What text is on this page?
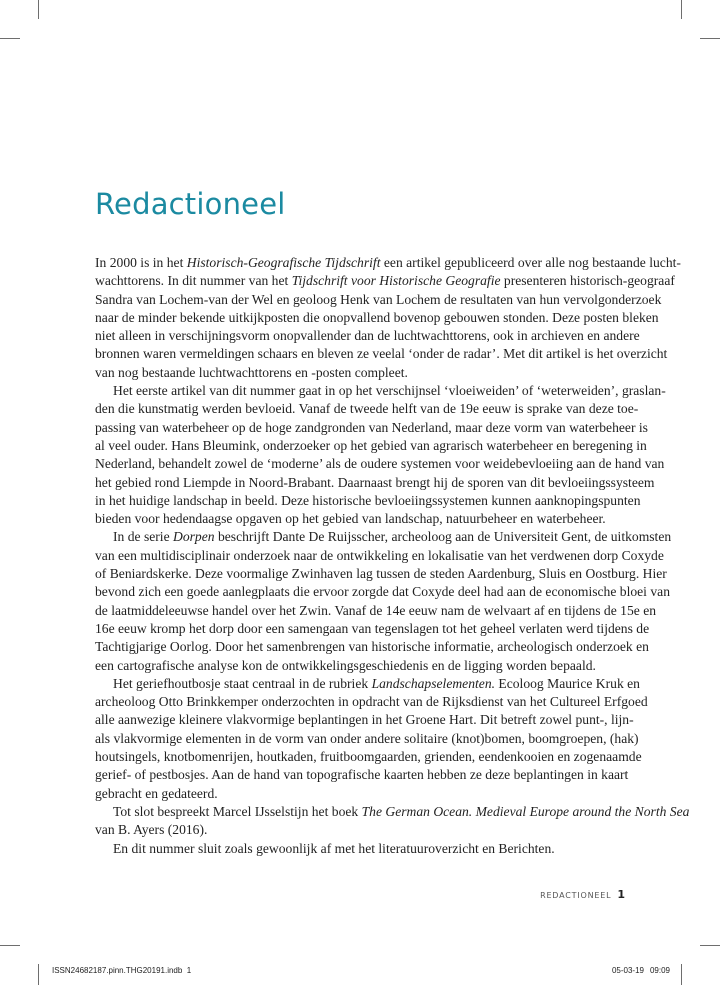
Redactioneel
In 2000 is in het Historisch-Geografische Tijdschrift een artikel gepubliceerd over alle nog bestaande lucht-
wachttorens. In dit nummer van het Tijdschrift voor Historische Geografie presenteren historisch-geograaf
Sandra van Lochem-van der Wel en geoloog Henk van Lochem de resultaten van hun vervolgonderzoek
naar de minder bekende uitkijkposten die onopvallend bovenop gebouwen stonden. Deze posten bleken
niet alleen in verschijningsvorm onopvallender dan de luchtwachttorens, ook in archieven en andere
bronnen waren vermeldingen schaars en bleven ze veelal ‘onder de radar’. Met dit artikel is het overzicht
van nog bestaande luchtwachttorens en -posten compleet.
Het eerste artikel van dit nummer gaat in op het verschijnsel ‘vloeiweiden’ of ‘weterweiden’, graslan-
den die kunstmatig werden bevloeid. Vanaf de tweede helft van de 19e eeuw is sprake van deze toe-
passing van waterbeheer op de hoge zandgronden van Nederland, maar deze vorm van waterbeheer is
al veel ouder. Hans Bleumink, onderzoeker op het gebied van agrarisch waterbeheer en beregening in
Nederland, behandelt zowel de ‘moderne’ als de oudere systemen voor weidebevloeiing aan de hand van
het gebied rond Liempde in Noord-Brabant. Daarnaast brengt hij de sporen van dit bevloeiingssysteem
in het huidige landschap in beeld. Deze historische bevloeiingssystemen kunnen aanknopingspunten
bieden voor hedendaagse opgaven op het gebied van landschap, natuurbeheer en waterbeheer.
In de serie Dorpen beschrijft Dante De Ruijsscher, archeoloog aan de Universiteit Gent, de uitkomsten
van een multidisciplinair onderzoek naar de ontwikkeling en lokalisatie van het verdwenen dorp Coxyde
of Beniardskerke. Deze voormalige Zwinhaven lag tussen de steden Aardenburg, Sluis en Oostburg. Hier
bevond zich een goede aanlegplaats die ervoor zorgde dat Coxyde deel had aan de economische bloei van
de laatmiddeleeuwse handel over het Zwin. Vanaf de 14e eeuw nam de welvaart af en tijdens de 15e en
16e eeuw kromp het dorp door een samengaan van tegenslagen tot het geheel verlaten werd tijdens de
Tachtigjarige Oorlog. Door het samenbrengen van historische informatie, archeologisch onderzoek en
een cartografische analyse kon de ontwikkelingsgeschiedenis en de ligging worden bepaald.
Het geriefhoutbosje staat centraal in de rubriek Landschapselementen. Ecoloog Maurice Kruk en
archeoloog Otto Brinkkemper onderzochten in opdracht van de Rijksdienst van het Cultureel Erfgoed
alle aanwezige kleinere vlakvormige beplantingen in het Groene Hart. Dit betreft zowel punt-, lijn-
als vlakvormige elementen in de vorm van onder andere solitaire (knot)bomen, boomgroepen, (hak)
houtsingels, knotbomenrijen, houtkaden, fruitboomgaarden, grienden, eendenkooien en zogenaamde
gerief- of pestbosjes. Aan de hand van topografische kaarten hebben ze deze beplantingen in kaart
gebracht en gedateerd.
Tot slot bespreekt Marcel IJsselstijn het boek The German Ocean. Medieval Europe around the North Sea
van B. Ayers (2016).
En dit nummer sluit zoals gewoonlijk af met het literatuuroverzicht en Berichten.
REDACTIONEEL 1
ISSN24682187.pinn.THG20191.indb 1	05-03-19 09:09
